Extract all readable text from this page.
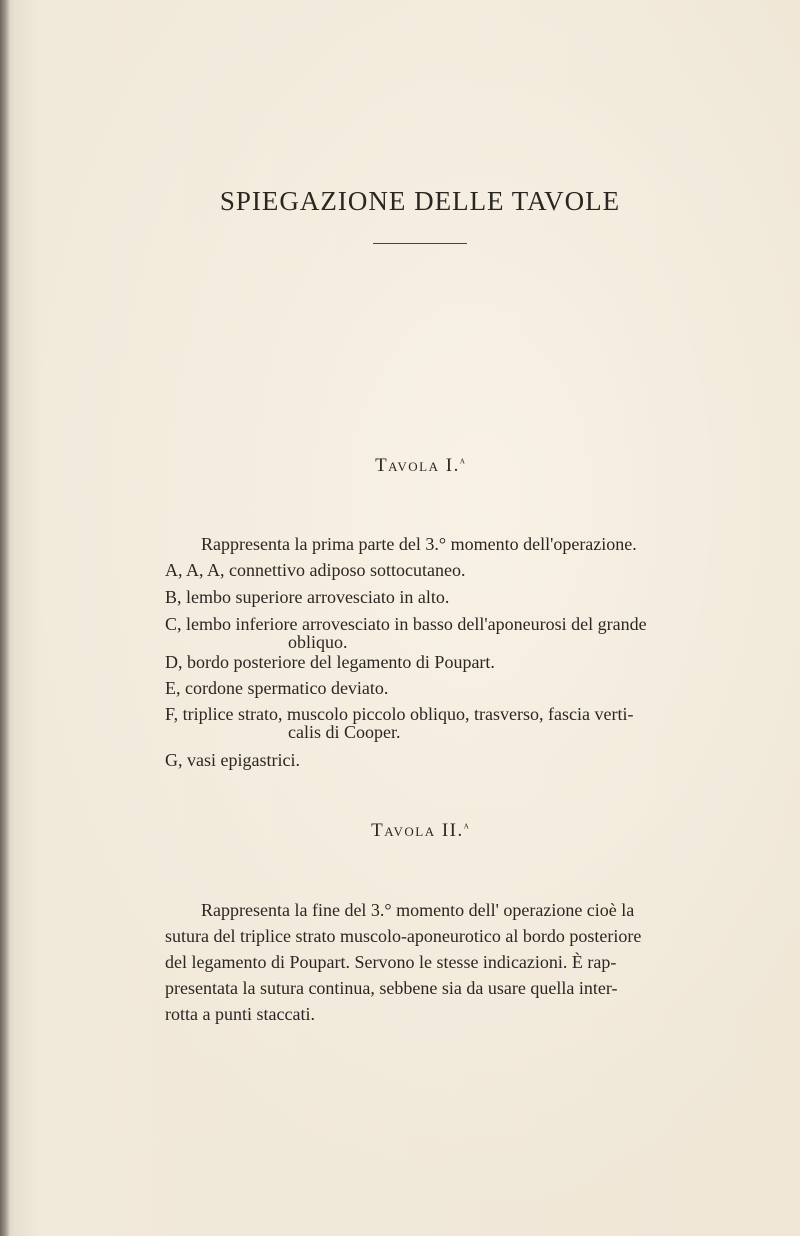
SPIEGAZIONE DELLE TAVOLE
Tavola I.$^a$
Rappresenta la prima parte del 3.° momento dell'operazione.
A, A, A, connettivo adiposo sottocutaneo.
B, lembo superiore arrovesciato in alto.
C, lembo inferiore arrovesciato in basso dell'aponeurosi del grande
obliquo.
D, bordo posteriore del legamento di Poupart.
E, cordone spermatico deviato.
F, triplice strato, muscolo piccolo obliquo, trasverso, fascia verti-
calis di Cooper.
G, vasi epigastrici.
Tavola II.$^a$
Rappresenta la fine del 3.° momento dell' operazione cioè la
sutura del triplice strato muscolo-aponeurotico al bordo posteriore
del legamento di Poupart. Servono le stesse indicazioni. È rap-
presentata la sutura continua, sebbene sia da usare quella inter-
rotta a punti staccati.
